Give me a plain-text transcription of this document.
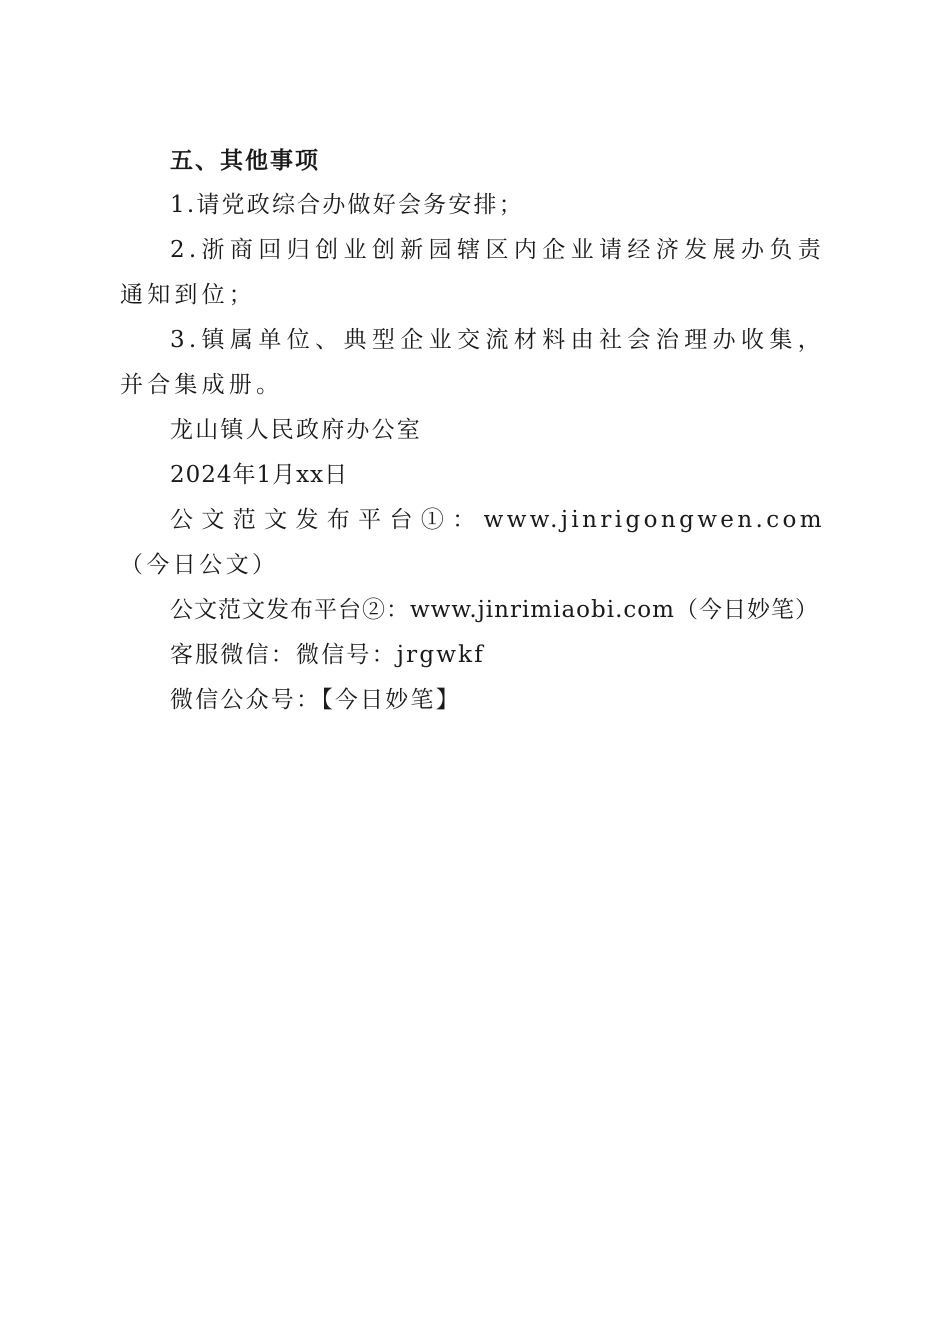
五、其他事项

1.请党政综合办做好会务安排；

2.浙商回归创业创新园辖区内企业请经济发展办负责通知到位；

3.镇属单位、典型企业交流材料由社会治理办收集，并合集成册。

龙山镇人民政府办公室

2024年1月xx日

公文范文发布平台①：www.jinrigongwen.com（今日公文）

公文范文发布平台②：www.jinrimiaobi.com（今日妙笔）

客服微信：微信号：jrgwkf

微信公众号：【今日妙笔】
